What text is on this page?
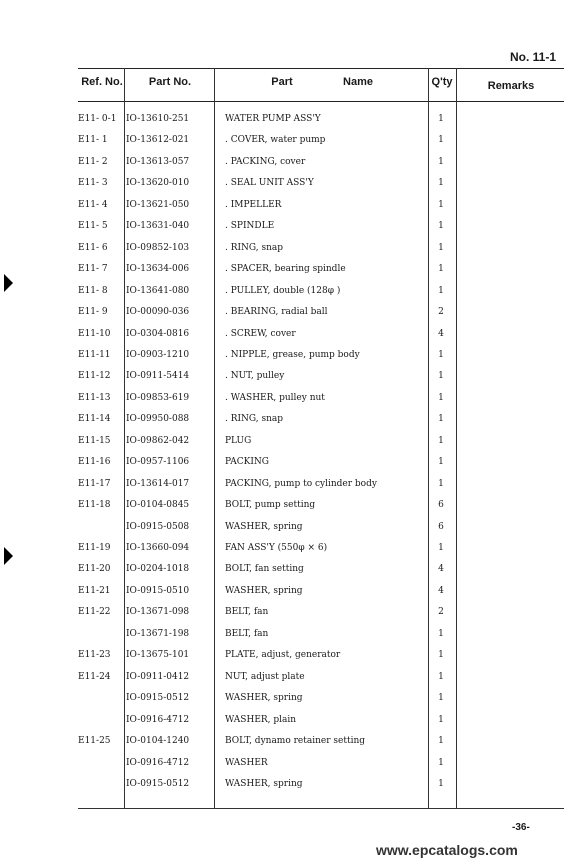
No. 11-1
Ref. No.	Part No.	Part	Name	Q'ty	Remarks
E11- 0-1	IO-13610-251	WATER PUMP ASS'Y	1
E11- 1	IO-13612-021	. COVER, water pump	1
E11- 2	IO-13613-057	. PACKING, cover	1
E11- 3	IO-13620-010	. SEAL UNIT ASS'Y	1
E11- 4	IO-13621-050	. IMPELLER	1
E11- 5	IO-13631-040	. SPINDLE	1
E11- 6	IO-09852-103	. RING, snap	1
E11- 7	IO-13634-006	. SPACER, bearing spindle	1
E11- 8	IO-13641-080	. PULLEY, double (128φ )	1
E11- 9	IO-00090-036	. BEARING, radial ball	2
E11-10	IO-0304-0816	. SCREW, cover	4
E11-11	IO-0903-1210	. NIPPLE, grease, pump body	1
E11-12	IO-0911-5414	. NUT, pulley	1
E11-13	IO-09853-619	. WASHER, pulley nut	1
E11-14	IO-09950-088	. RING, snap	1
E11-15	IO-09862-042	PLUG	1
E11-16	IO-0957-1106	PACKING	1
E11-17	IO-13614-017	PACKING, pump to cylinder body	1
E11-18	IO-0104-0845	BOLT, pump setting	6
IO-0915-0508	WASHER, spring	6
E11-19	IO-13660-094	FAN ASS'Y (550φ × 6)	1
E11-20	IO-0204-1018	BOLT, fan setting	4
E11-21	IO-0915-0510	WASHER, spring	4
E11-22	IO-13671-098	BELT, fan	2
IO-13671-198	BELT, fan	1
E11-23	IO-13675-101	PLATE, adjust, generator	1
E11-24	IO-0911-0412	NUT, adjust plate	1
IO-0915-0512	WASHER, spring	1
IO-0916-4712	WASHER, plain	1
E11-25	IO-0104-1240	BOLT, dynamo retainer setting	1
IO-0916-4712	WASHER	1
IO-0915-0512	WASHER, spring	1
-36-
www.epcatalogs.com
